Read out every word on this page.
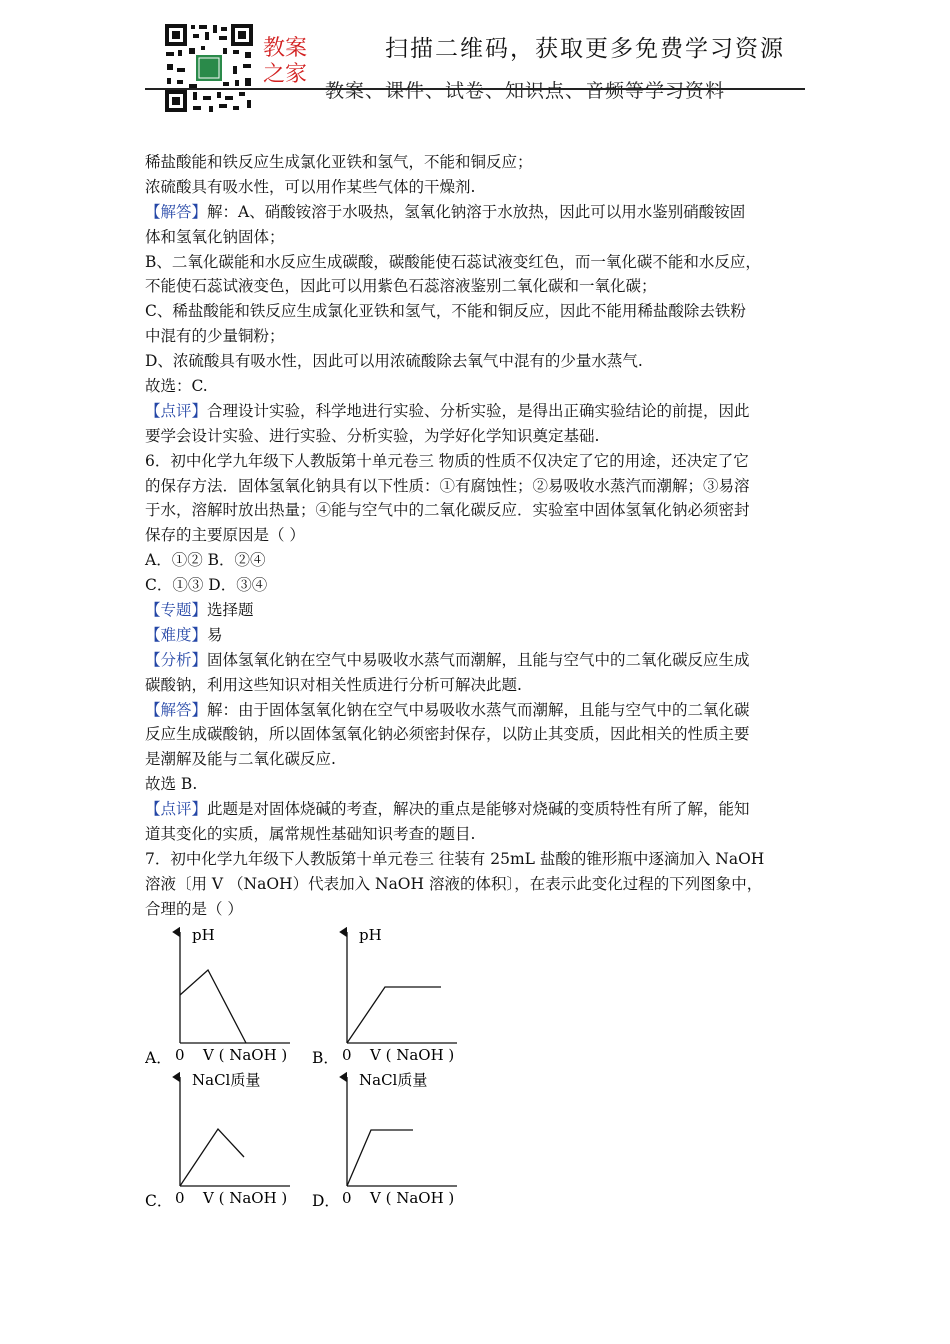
教案
之家
扫描二维码，获取更多免费学习资源
教案、课件、试卷、知识点、音频等学习资料
稀盐酸能和铁反应生成氯化亚铁和氢气，不能和铜反应；
浓硫酸具有吸水性，可以用作某些气体的干燥剂.
【解答】解：A、硝酸铵溶于水吸热，氢氧化钠溶于水放热，因此可以用水鉴别硝酸铵固
体和氢氧化钠固体；
B、二氧化碳能和水反应生成碳酸，碳酸能使石蕊试液变红色，而一氧化碳不能和水反应，
不能使石蕊试液变色，因此可以用紫色石蕊溶液鉴别二氧化碳和一氧化碳；
C、稀盐酸能和铁反应生成氯化亚铁和氢气，不能和铜反应，因此不能用稀盐酸除去铁粉
中混有的少量铜粉；
D、浓硫酸具有吸水性，因此可以用浓硫酸除去氧气中混有的少量水蒸气.
故选：C.
【点评】合理设计实验，科学地进行实验、分析实验，是得出正确实验结论的前提，因此
要学会设计实验、进行实验、分析实验，为学好化学知识奠定基础.
6．初中化学九年级下人教版第十单元卷三 物质的性质不仅决定了它的用途，还决定了它
的保存方法．固体氢氧化钠具有以下性质：①有腐蚀性；②易吸收水蒸汽而潮解；③易溶
于水，溶解时放出热量；④能与空气中的二氧化碳反应．实验室中固体氢氧化钠必须密封
保存的主要原因是（ ）
A．①② B．②④
C．①③ D．③④
【专题】选择题
【难度】易
【分析】固体氢氧化钠在空气中易吸收水蒸气而潮解，且能与空气中的二氧化碳反应生成
碳酸钠，利用这些知识对相关性质进行分析可解决此题.
【解答】解：由于固体氢氧化钠在空气中易吸收水蒸气而潮解，且能与空气中的二氧化碳
反应生成碳酸钠，所以固体氢氧化钠必须密封保存，以防止其变质，因此相关的性质主要
是潮解及能与二氧化碳反应.
故选 B.
【点评】此题是对固体烧碱的考查，解决的重点是能够对烧碱的变质特性有所了解，能知
道其变化的实质，属常规性基础知识考查的题目.
7．初中化学九年级下人教版第十单元卷三 往装有 25mL 盐酸的锥形瓶中逐滴加入 NaOH
溶液〔用 V （NaOH）代表加入 NaOH 溶液的体积〕，在表示此变化过程的下列图象中，
合理的是（ ）
pH
A． 0 V ( NaOH )
pH
B． 0 V ( NaOH )
NaCl质量
C． 0 V ( NaOH )
NaCl质量
D． 0 V ( NaOH )
